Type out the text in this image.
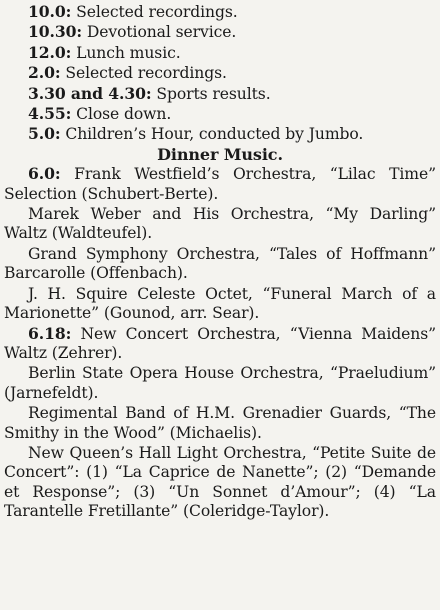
10.0: Selected recordings.

10.30: Devotional service.

12.0: Lunch music.

2.0: Selected recordings.

3.30 and 4.30: Sports results.

4.55: Close down.

5.0: Children’s Hour, conducted by Jumbo.

Dinner Music.

6.0: Frank Westfield’s Orchestra, “Lilac Time” Selection (Schubert-Berte).

Marek Weber and His Orchestra, “My Darling” Waltz (Waldteufel).

Grand Symphony Orchestra, “Tales of Hoffmann” Barcarolle (Offenbach).

J. H. Squire Celeste Octet, “Funeral March of a Marionette” (Gounod, arr. Sear).

6.18: New Concert Orchestra, “Vienna Maidens” Waltz (Zehrer).

Berlin State Opera House Orchestra, “Praeludium” (Jarnefeldt).

Regimental Band of H.M. Grenadier Guards, “The Smithy in the Wood” (Michaelis).

New Queen’s Hall Light Orchestra, “Petite Suite de Concert”: (1) “La Caprice de Nanette”; (2) “Demande et Response”; (3) “Un Sonnet d’Amour”; (4) “La Tarantelle Fretillante” (Coleridge-Taylor).
